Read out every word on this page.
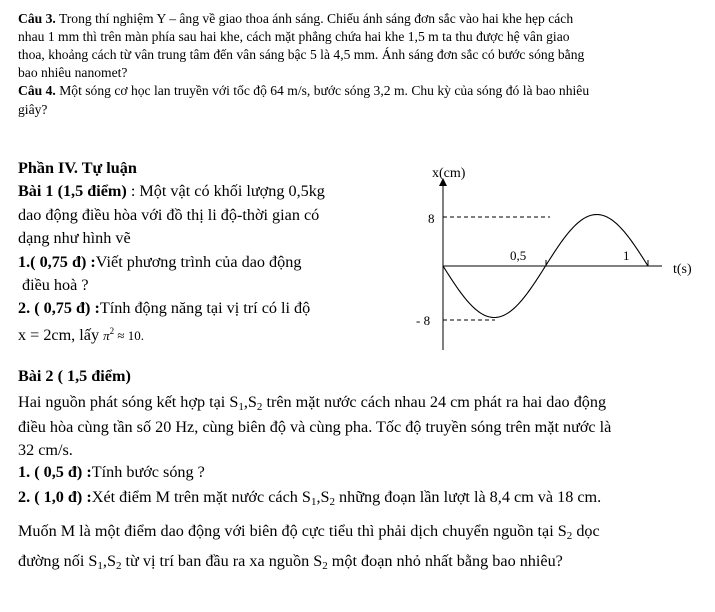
Câu 3. Trong thí nghiệm Y – âng về giao thoa ánh sáng. Chiếu ánh sáng đơn sắc vào hai khe hẹp cách
nhau 1 mm thì trên màn phía sau hai khe, cách mặt phẳng chứa hai khe 1,5 m ta thu được hệ vân giao
thoa, khoảng cách từ vân trung tâm đến vân sáng bậc 5 là 4,5 mm. Ánh sáng đơn sắc có bước sóng bằng
bao nhiêu nanomet?
Câu 4. Một sóng cơ học lan truyền với tốc độ 64 m/s, bước sóng 3,2 m. Chu kỳ của sóng đó là bao nhiêu
giây?
Phần IV. Tự luận
Bài 1 (1,5 điểm) : Một vật có khối lượng 0,5kg
dao động điều hòa với đồ thị li độ-thời gian có
dạng như hình vẽ
1.( 0,75 đ) :Viết phương trình của dao động
điều hoà ?
2. ( 0,75 đ) :Tính động năng tại vị trí có li độ
x = 2cm, lấy $\pi^2 \approx 10$.
x(cm)
t(s)
8
- 8
0,5	1
Bài 2 ( 1,5 điểm)
Hai nguồn phát sóng kết hợp tại $S_1,S_2$ trên mặt nước cách nhau 24 cm phát ra hai dao động
điều hòa cùng tần số 20 Hz, cùng biên độ và cùng pha. Tốc độ truyền sóng trên mặt nước là
32 cm/s.
1. ( 0,5 đ) :Tính bước sóng ?
2. ( 1,0 đ) :Xét điểm M trên mặt nước cách $S_1,S_2$ những đoạn lần lượt là 8,4 cm và 18 cm.
Muốn M là một điểm dao động với biên độ cực tiểu thì phải dịch chuyển nguồn tại $S_2$ dọc
đường nối $S_1,S_2$ từ vị trí ban đầu ra xa nguồn $S_2$ một đoạn nhỏ nhất bằng bao nhiêu?
